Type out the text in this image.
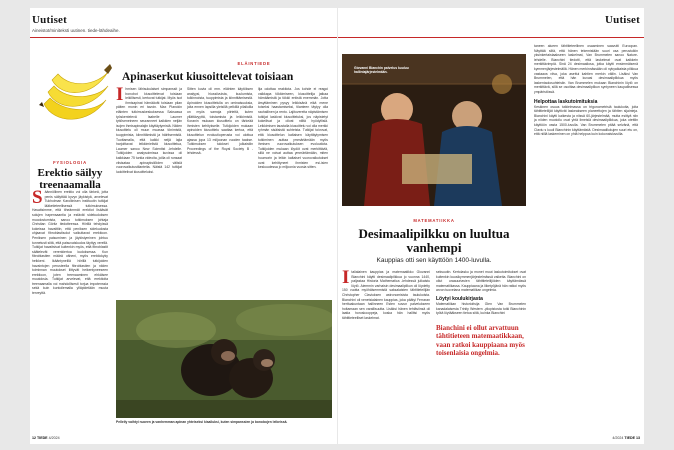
Uutiset
Aineistot/miniteksti uutinen. tiede-lähdeaihe.
FYSIOLOGIA
Erektio säilyy treenaamalla
Säännöllinen erektio voi olla tärkeä, jotta penis säilyttää kyvyn jäykistyä, arvelevat Tukholman Karoliinisen instituutin tutkijat lääketieteellisessä tutkimuksessa. Havaitsimme, että tiheämmät erektiot lisäävät solujen hapensaantia ja estävät sidekudoksen muodostumista, sanoo tutkimuksen johtaja Christian Göritz tiedotteessa. Hiirillä tehdyissä kokeissa havaittiin, että peniksen sidekudosta ohjaavat fibroblastisolut vaikuttavat erektioon. Peniksen paisuminen ja jäykistyminen johtuu tunnetusti siitä, että paisuvaiskudos täyttyy verellä. Tutkijat havaitsivat kuitenkin myös, että fibroblastit säätelevät verenkiertoa kudoksessa. Kun fibroblastien määrä väheni, myös erektiokyky heikkeni. Ikääntyneillä hiirillä tutkijoiden havaintojen perusteella fibroblastien ja niiden toiminnan muutokset liittyvät heikentyneeseen erektioon, joten treenaaminen ehkäisee muutoksia. Tutkijat arvelevat, että erektioita treenaamalla voi mahdollisesti torjua impotenssia sekä kuin kuntoilemalla ylläpidetään muuta terveyttä.
ELÄINTIEDE
Apinaserkut kiusoittelevat toisiaan
Ihmisen lähisukulaiset simpanssit ja bonobot kiusoittelevat toisiaan leikillisesti, kertovat tutkijat. Myös isot ihmisapinat härnäävät toisiaan pilan päiten monin eri tavoin. Max Planckin eläinten tutkimuskeskuksessa Saksassa työskentelevä Isabelle Laumer tyttöveneineen seuranneet kaikkien neljän isojen ihmisapinalajin käyttäytymistä. Niiden kiusoittelu oli muun muassa tönimistä, tuuppimista, kiinnittämistä ja häiritsemistä. Tuottamalla, että kaikki neljä lajia harjoittavat leikkimielistä kiusoittelua, Laumer sanoo New Scientist -lehdelle. Tutkijoiden analysoimissa kuvissa oli kaikkiaan 75 tuntia videoita, joilla oli runsaat viisisataa apinayksilöiden välisiä vuorovaikutustilanteita. Näistä 142 tutkijat luokittelivat kiusoitteluksi.
Sitten kuvia oli mm. eläinten käytöksen analyysi, hiussiivuista, kuulumista, tulkinnoista, tuuppimista ja kiinnittämisestä. Apinoiden kiusoittelulla on ominaisuuksia, joita ennen lapsilla yleisillä pelkillä pilailuilla on myös samoja piirteitä, kuten yllättävyyttä, toistamista ja leikkimistä. Koranin mukaan kiusoittelu on tärkeää ihmisten kehitykselle. Tutkijoiden mukaan apinoiden kiusoittelu saattaa kertoa, että kiusoittelun evoluutioperusta voi ulottua ajassa jopa 13 miljoonan vuoden taakse. Tutkimuksen tulokset julkaistiin Proceedings of the Royal Society B -lehdessä.
lija odottaa reaktiota. Jos kohde ei reagoi vaikkapa tökkimiseen, kiusoittelija jatkaa härnäämistä ja tökkii entistä enemmän. Jotta ärsyttäminen pysyy leikkisänä eikä mene toiseksi haastamiseksi, tilanteen täytyy olla rauhallinen ja rento. Lajitovereita näpistämisen tutkijat laskivat kiusoitteluksi, jos näpistetyt kokeilivat ja olivat niiltä hyödyllisiä. Leikkimisen taustalla kiusoittelu voi olla merkki ryhmän sisäisistä suhteista. Tutkijat toivovat, että kiusoittelun kaltaisen käyttäytymisen tutkiminen auttaa ymmärtämään myös ihmisen vuorovaikutuksen evoluutiota. Tutkijoiden mukaan löydöt ovat merkittäviä, sillä ne voivat auttaa ymmärtämään, miten huumorin ja leikin kaltaiset vuorovaikutukset ovat kehittyneet ihmisten esi-isien keskuudessa jo miljoonia vuosia sitten.
Pelleily vaihtyi nuoren ja vanhemman apinan yhteiseksi kisailuksi, kuten simpanssien ja bonobojen leikeissä.
12 TIEDE 4/2024
Uutiset
Giovanni Bianchin palvelus kuuluu hallintajärjestelmään.
MATEMATIIKKA
Desimaalipilkku on luultua vanhempi
Kauppias otti sen käyttöön 1400-luvulla.
Italialainen kauppias ja matemaatikko Giovanni Bianchini käytti desimaalipilkkua jo vuonna 1440, paljastaa Historia Mathematica -lehdessä julkaistu löytö. Aiemmin varhaisin desimaalipilkun oli löydetty 150 vuotta myöhäisemmistä saksalaisten tähtitieteilijän Christopher Claviuksen astronomisista taulukoista. Bianchini oli venetsialainen kauppias, joka päätyi Ferraran herttuakuntaan hallinneen Esten suvun palvelukseen hoitamaan sen varallisuutta. Lisäksi hänen tehtäviinsä oli laatia horoskooppeja, koska hän hallitsi myös tähtitieteelliset laskelmat.
seksuutin. Kertolasku ja monet muut laskutoimitukset ovat kuitenkin kuusikymmenjärjestelmässä vaikeita. Bianchini on ollut uraauurtavien tähtitieteilijöiden käyttämässä matematiikassa. Kauppiaana ja liiketyöjänä hän ratkoi myös arvon tuovelana matematiikan ongelmia.
Löytyi koulukirjasta
Matematiikan historioitsija Glen Van Brummelen kanadalaisesta Trinity Western -yliopistosta tutki Bianchinin työtä löytääkseen tietoa siitä, kuinka Bianchini
Bianchini ei ollut arvattuun tähtitieteen matemaatikkaan, vaan ratkoi kauppiaana myös toisenlaisia ongelmia.
taneen alueen tähtitieteellinen osaaminen saavutti Euroopan. Näyttää siltä, että hänen tekemistään suuri osa perustuikin yksinkertaistaakseen laskelmat, Van Brummelen sanoo Nature-lehdelle. Bianchini tiedotti, että laskelmat ovat kaikkein merkittävimpiä. Sinä 24 desimaaliosa, jotka käytti ensimmäisenä kymmenjärjestelmällä. Hänen merkinnässään oli nykyaikaista pilkkua vastaava viiva, joka asettui kahtien merkin väliin. Lisäksi Van Brummelen, että hän kuvasi desimaalipilkkua myös laskentaolosuhteisiin. Van Brummelen mukaan Bianchinin löytö on merkittävä, sillä se osoittaa desimaalipilkun syntyneen kaupallisessa ympäristössä.
Helpottaa laskutoimituksia
Keskinen osuus tutkielmassa on trigonometrisiä taulukoita, joita tähtitieteilijät käyttivät laskeakseen planeettojen ja tähtien sijainteja. Bianchini käytti kaikesta ja niissä 60-järjestelmää, mutta esittyä niin ja niiden muotoilu ovat yhtä ilmeisiä desimaalipilkkua, joka otettiin käyttöön vasta 1500-luvulla. Van Brummelen pitää selvänä, että Claviu s kuuli Bianchinin käyttämästä. Desimaalilukujen suuri etu on, että niillä laskeminen on yhtä helppoa kuin kokonaisluvuilla.
4/2024 TIEDE 13
